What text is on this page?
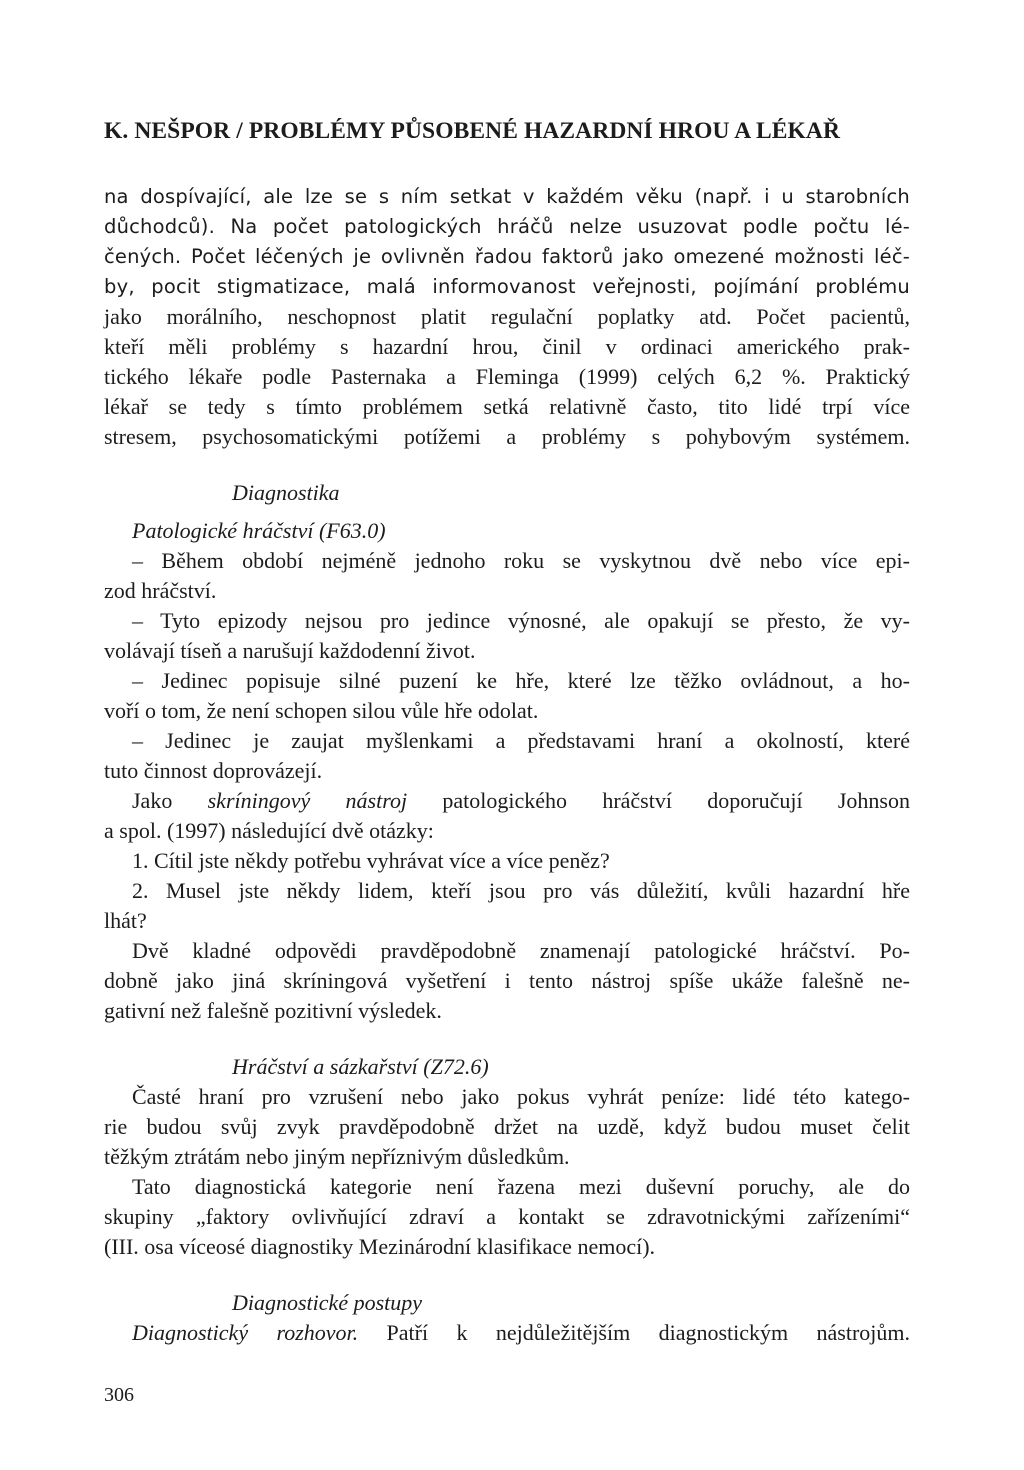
K. NEŠPOR / PROBLÉMY PŮSOBENÉ HAZARDNÍ HROU A LÉKAŘ
na dospívající, ale lze se s ním setkat v každém věku (např. i u starobních
důchodců). Na počet patologických hráčů nelze usuzovat podle počtu lé-
čených. Počet léčených je ovlivněn řadou faktorů jako omezené možnosti léč-
by, pocit stigmatizace, malá informovanost veřejnosti, pojímání problému
jako morálního, neschopnost platit regulační poplatky atd. Počet pacientů,
kteří měli problémy s hazardní hrou, činil v ordinaci amerického prak-
tického lékaře podle Pasternaka a Fleminga (1999) celých 6,2 %. Praktický
lékař se tedy s tímto problémem setká relativně často, tito lidé trpí více
stresem, psychosomatickými potížemi a problémy s pohybovým systémem.
Diagnostika
Patologické hráčství (F63.0)
– Během období nejméně jednoho roku se vyskytnou dvě nebo více epi-
zod hráčství.
– Tyto epizody nejsou pro jedince výnosné, ale opakují se přesto, že vy-
volávají tíseň a narušují každodenní život.
– Jedinec popisuje silné puzení ke hře, které lze těžko ovládnout, a ho-
voří o tom, že není schopen silou vůle hře odolat.
– Jedinec je zaujat myšlenkami a představami hraní a okolností, které
tuto činnost doprovázejí.
Jako skríningový nástroj patologického hráčství doporučují Johnson
a spol. (1997) následující dvě otázky:
1. Cítil jste někdy potřebu vyhrávat více a více peněz?
2. Musel jste někdy lidem, kteří jsou pro vás důležití, kvůli hazardní hře
lhát?
Dvě kladné odpovědi pravděpodobně znamenají patologické hráčství. Po-
dobně jako jiná skríningová vyšetření i tento nástroj spíše ukáže falešně ne-
gativní než falešně pozitivní výsledek.
Hráčství a sázkařství (Z72.6)
Časté hraní pro vzrušení nebo jako pokus vyhrát peníze: lidé této katego-
rie budou svůj zvyk pravděpodobně držet na uzdě, když budou muset čelit
těžkým ztrátám nebo jiným nepříznivým důsledkům.
Tato diagnostická kategorie není řazena mezi duševní poruchy, ale do
skupiny „faktory ovlivňující zdraví a kontakt se zdravotnickými zařízeními“
(III. osa víceosé diagnostiky Mezinárodní klasifikace nemocí).
Diagnostické postupy
Diagnostický rozhovor. Patří k nejdůležitějším diagnostickým nástrojům.
306
